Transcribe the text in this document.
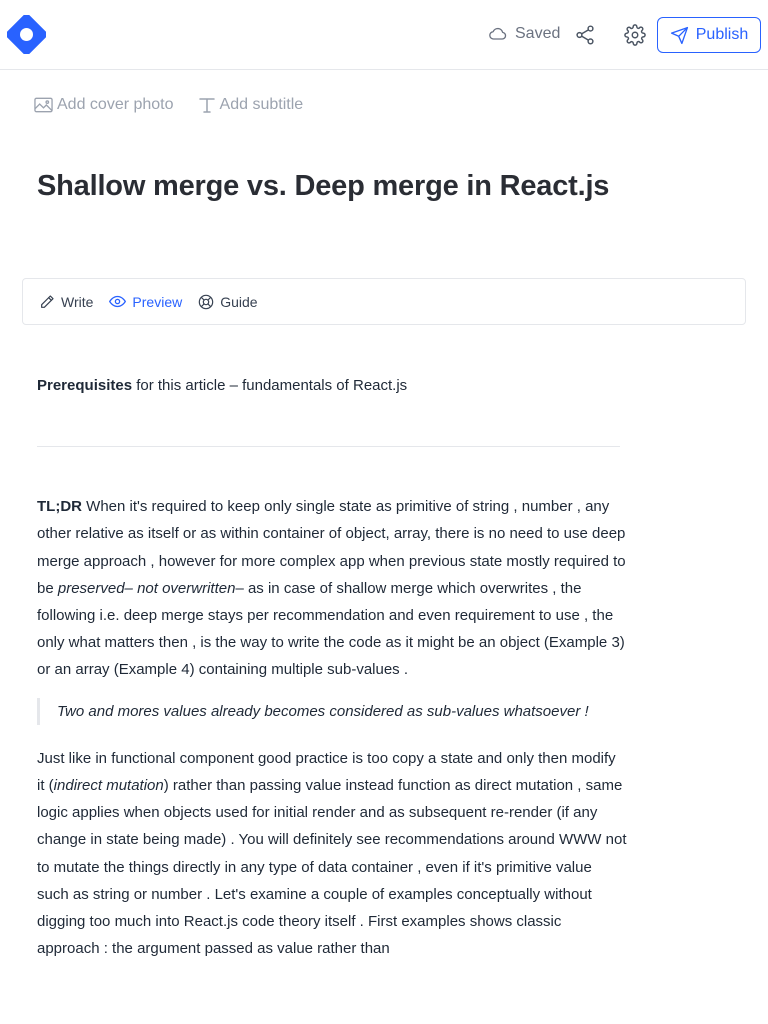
Saved	Publish
Add cover photo	Add subtitle
Shallow merge vs. Deep merge in React.js
Write	Preview	Guide

Prerequisites for this article – fundamentals of React.js

TL;DR When it's required to keep only single state as primitive of string , number , any other relative as itself or as within container of object, array, there is no need to use deep merge approach , however for more complex app when previous state mostly required to be preserved– not overwritten– as in case of shallow merge which overwrites , the following i.e. deep merge stays per recommendation and even requirement to use , the only what matters then , is the way to write the code as it might be an object (Example 3) or an array (Example 4) containing multiple sub-values .

Two and mores values already becomes considered as sub-values whatsoever !

Just like in functional component good practice is too copy a state and only then modify it (indirect mutation) rather than passing value instead function as direct mutation , same logic applies when objects used for initial render and as subsequent re-render (if any change in state being made) . You will definitely see recommendations around WWW not to mutate the things directly in any type of data container , even if it's primitive value such as string or number . Let's examine a couple of examples conceptually without digging too much into React.js code theory itself . First examples shows classic approach : the argument passed as value rather than
